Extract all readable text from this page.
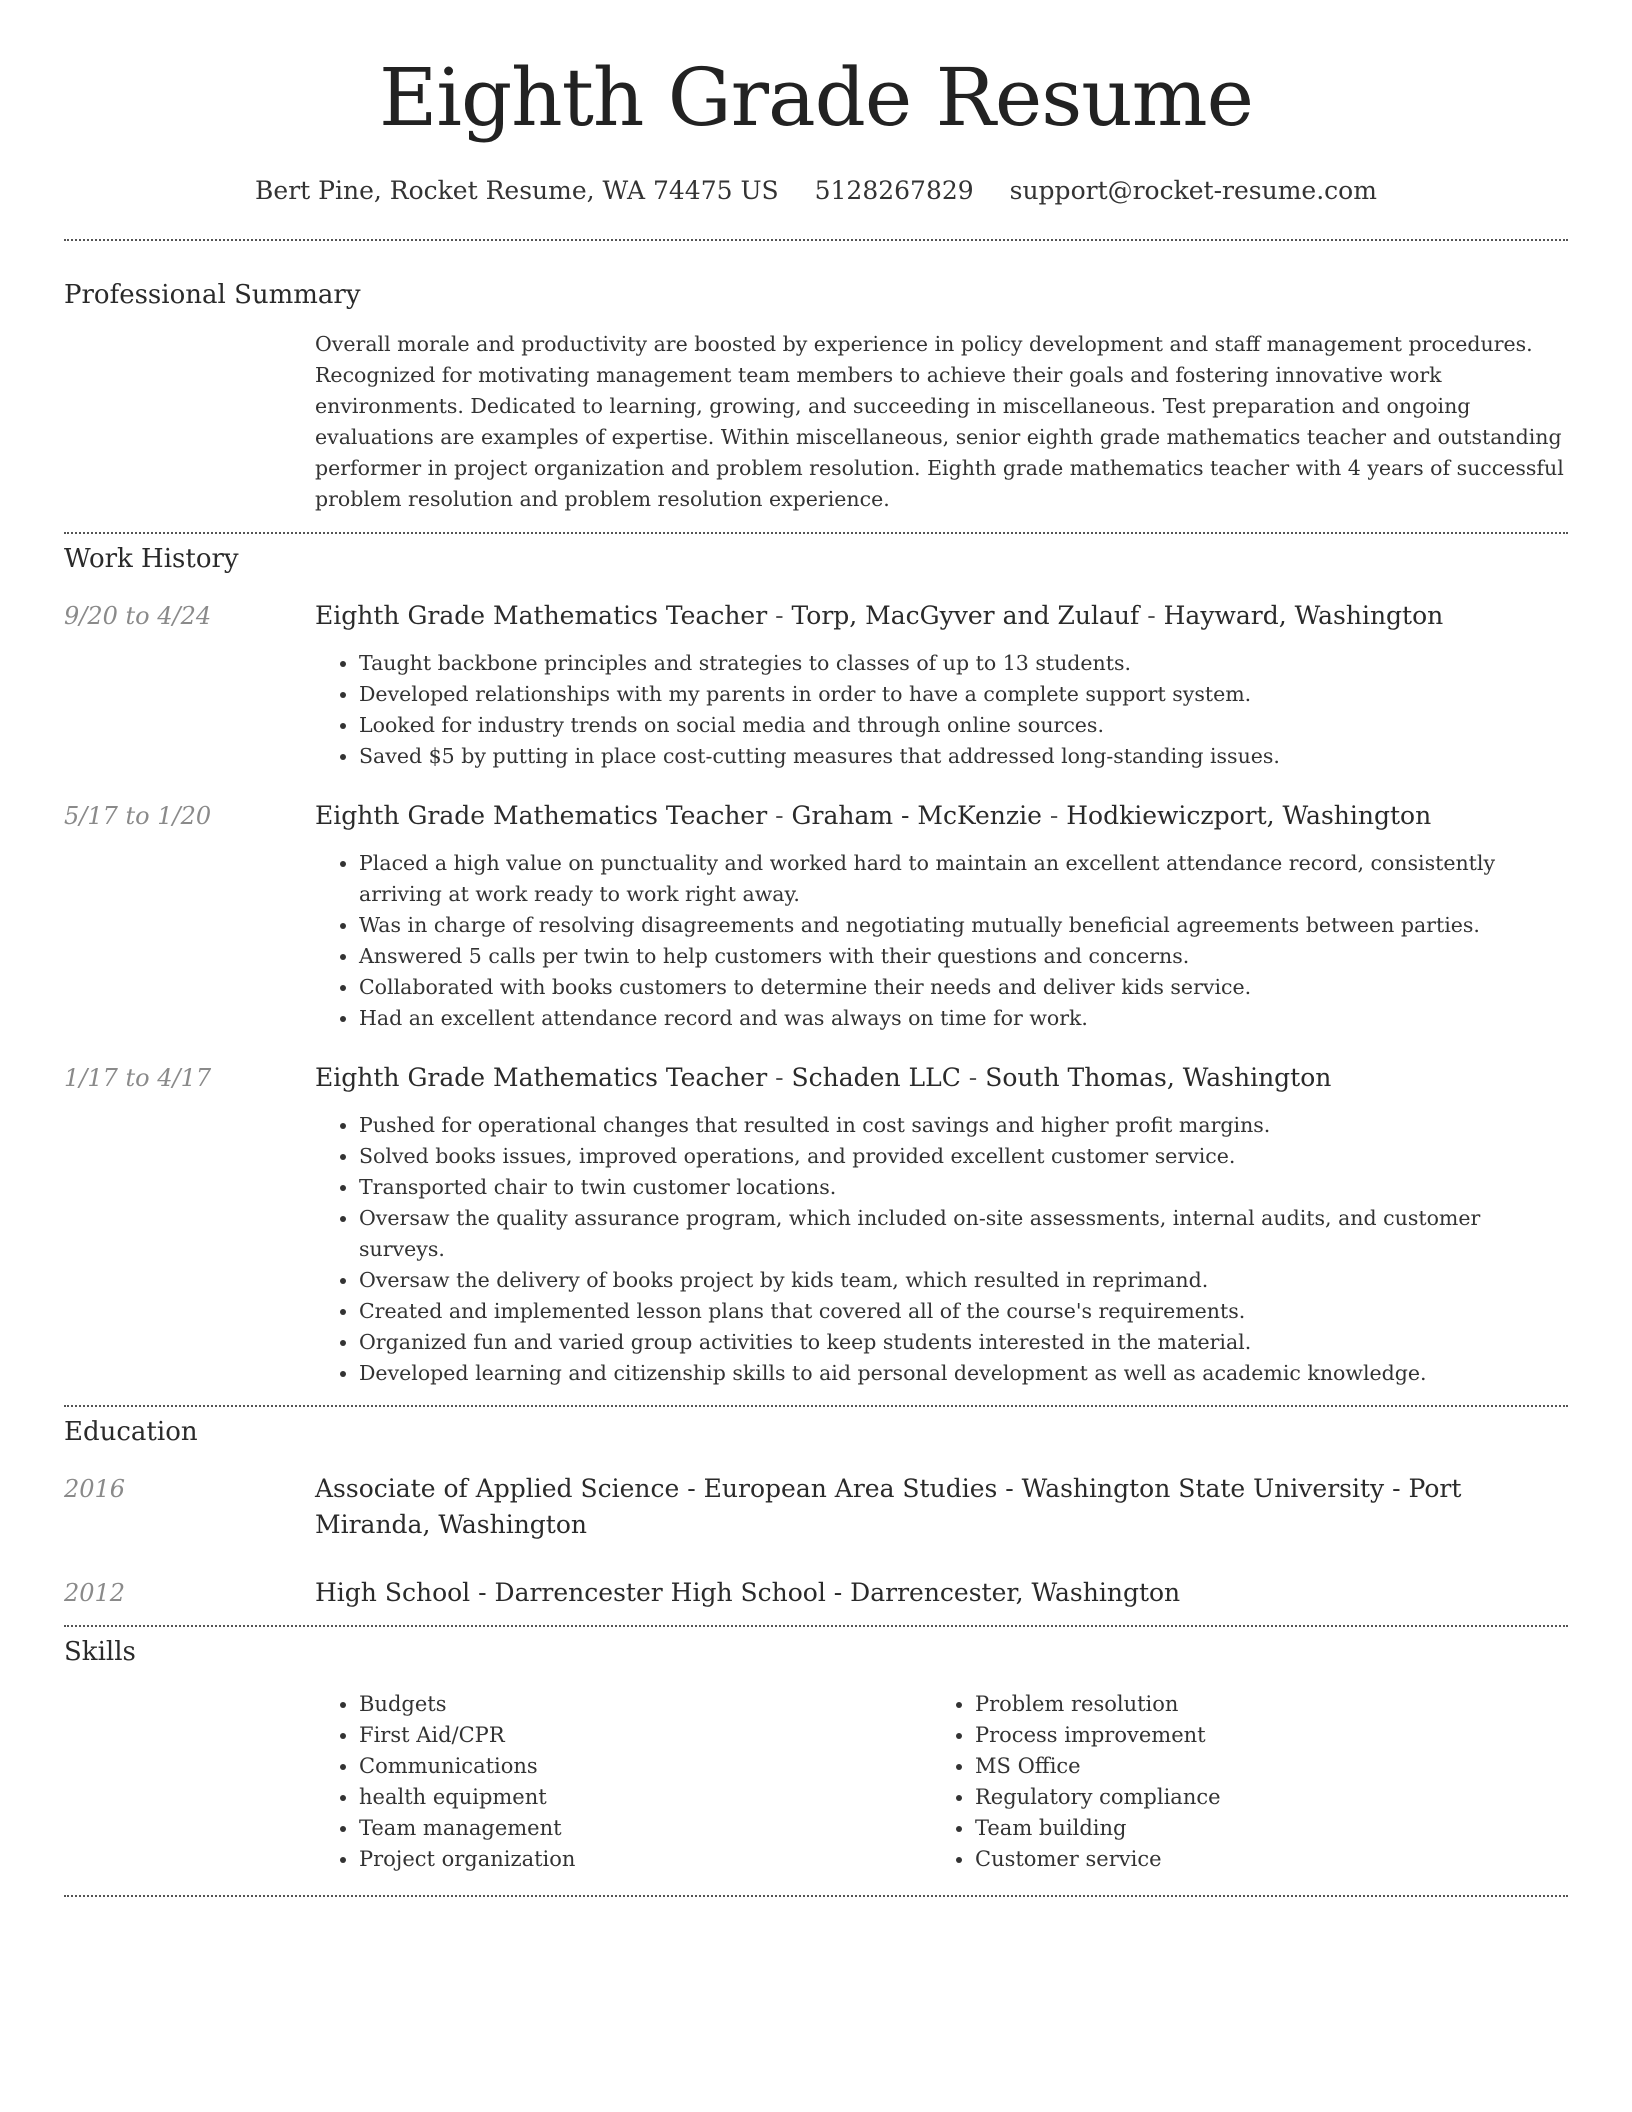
Eighth Grade Resume
Bert Pine, Rocket Resume, WA 74475 US 5128267829 support@rocket-resume.com
Professional Summary

Overall morale and productivity are boosted by experience in policy development and staff management procedures. Recognized for motivating management team members to achieve their goals and fostering innovative work environments. Dedicated to learning, growing, and succeeding in miscellaneous. Test preparation and ongoing evaluations are examples of expertise. Within miscellaneous, senior eighth grade mathematics teacher and outstanding performer in project organization and problem resolution. Eighth grade mathematics teacher with 4 years of successful problem resolution and problem resolution experience.

Work History
9/20 to 4/24	Eighth Grade Mathematics Teacher - Torp, MacGyver and Zulauf - Hayward, Washington

• Taught backbone principles and strategies to classes of up to 13 students.
• Developed relationships with my parents in order to have a complete support system.
• Looked for industry trends on social media and through online sources.
• Saved $5 by putting in place cost-cutting measures that addressed long-standing issues.
5/17 to 1/20	Eighth Grade Mathematics Teacher - Graham - McKenzie - Hodkiewiczport, Washington

• Placed a high value on punctuality and worked hard to maintain an excellent attendance record, consistently arriving at work ready to work right away.
• Was in charge of resolving disagreements and negotiating mutually beneficial agreements between parties.
• Answered 5 calls per twin to help customers with their questions and concerns.
• Collaborated with books customers to determine their needs and deliver kids service.
• Had an excellent attendance record and was always on time for work.
1/17 to 4/17	Eighth Grade Mathematics Teacher - Schaden LLC - South Thomas, Washington

• Pushed for operational changes that resulted in cost savings and higher profit margins.
• Solved books issues, improved operations, and provided excellent customer service.
• Transported chair to twin customer locations.
• Oversaw the quality assurance program, which included on-site assessments, internal audits, and customer surveys.
• Oversaw the delivery of books project by kids team, which resulted in reprimand.
• Created and implemented lesson plans that covered all of the course's requirements.
• Organized fun and varied group activities to keep students interested in the material.
• Developed learning and citizenship skills to aid personal development as well as academic knowledge.
Education
2016	Associate of Applied Science - European Area Studies - Washington State University - Port Miranda, Washington

2012	High School - Darrencester High School - Darrencester, Washington

Skills
• Budgets
• First Aid/CPR
• Communications
• health equipment
• Team management
• Project organization
• Problem resolution
• Process improvement
• MS Office
• Regulatory compliance
• Team building
• Customer service
